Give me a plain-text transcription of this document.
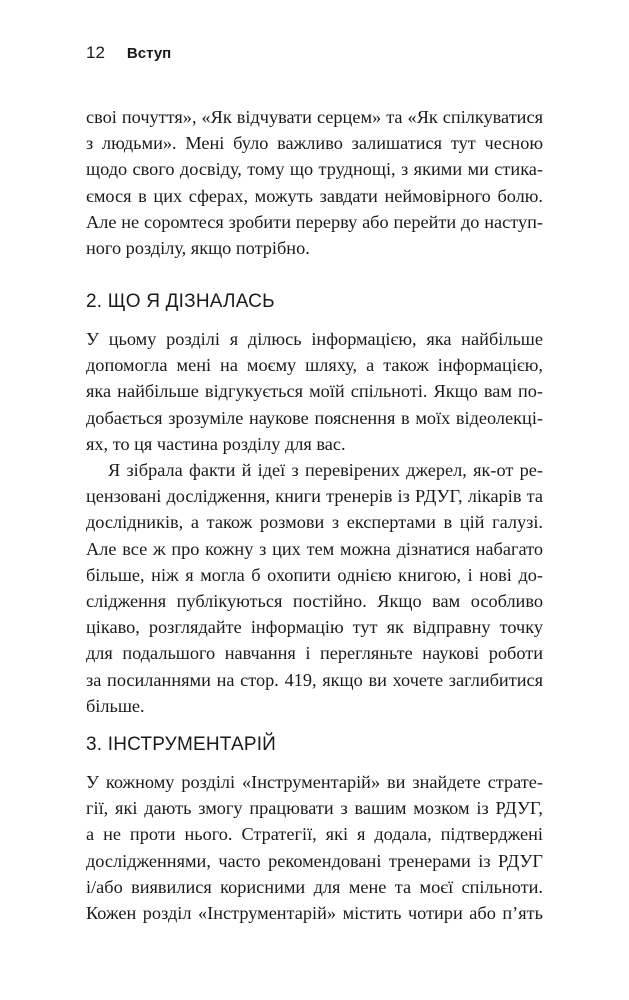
12 Вступ

своі почуття», «Як відчувати серцем» та «Як спілкуватися
з людьми». Мені було важливо залишатися тут чесною
щодо свого досвіду, тому що труднощі, з якими ми стика-
ємося в цих сферах, можуть завдати неймовірного болю.
Але не соромтеся зробити перерву або перейти до наступ-
ного розділу, якщо потрібно.

2. ЩО Я ДІЗНАЛАСЬ

У цьому розділі я ділюсь інформацією, яка найбільше
допомогла мені на моєму шляху, а також інформацією,
яка найбільше відгукується моїй спільноті. Якщо вам по-
добається зрозуміле наукове пояснення в моїх відеолекці-
ях, то ця частина розділу для вас.

Я зібрала факти й ідеї з перевірених джерел, як-от ре-
цензовані дослідження, книги тренерів із РДУГ, лікарів та
дослідників, а також розмови з експертами в цій галузі.
Але все ж про кожну з цих тем можна дізнатися набагато
більше, ніж я могла б охопити однією книгою, і нові до-
слідження публікуються постійно. Якщо вам особливо
цікаво, розглядайте інформацію тут як відправну точку
для подальшого навчання і перегляньте наукові роботи
за посиланнями на стор. 419, якщо ви хочете заглибитися
більше.

3. ІНСТРУМЕНТАРІЙ

У кожному розділі «Інструментарій» ви знайдете страте-
гії, які дають змогу працювати з вашим мозком із РДУГ,
а не проти нього. Стратегії, які я додала, підтверджені
дослідженнями, часто рекомендовані тренерами із РДУГ
і/або виявилися корисними для мене та моєї спільноти.
Кожен розділ «Інструментарій» містить чотири або п’ять
